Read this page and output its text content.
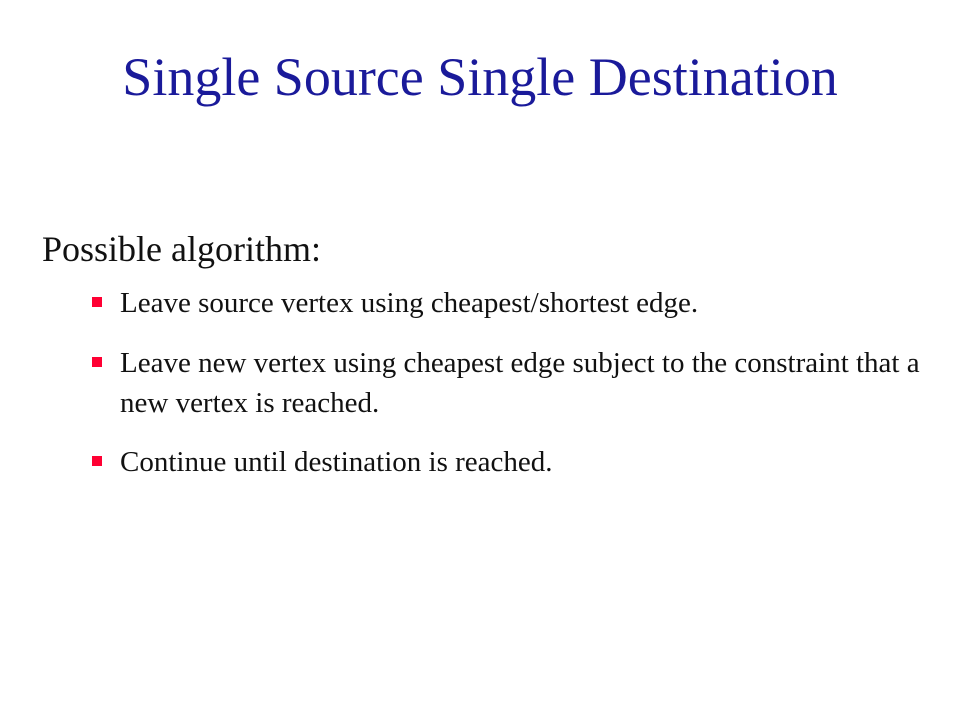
Single Source Single Destination
Possible algorithm:
Leave source vertex using cheapest/shortest edge.
Leave new vertex using cheapest edge subject to the constraint that a new vertex is reached.
Continue until destination is reached.
